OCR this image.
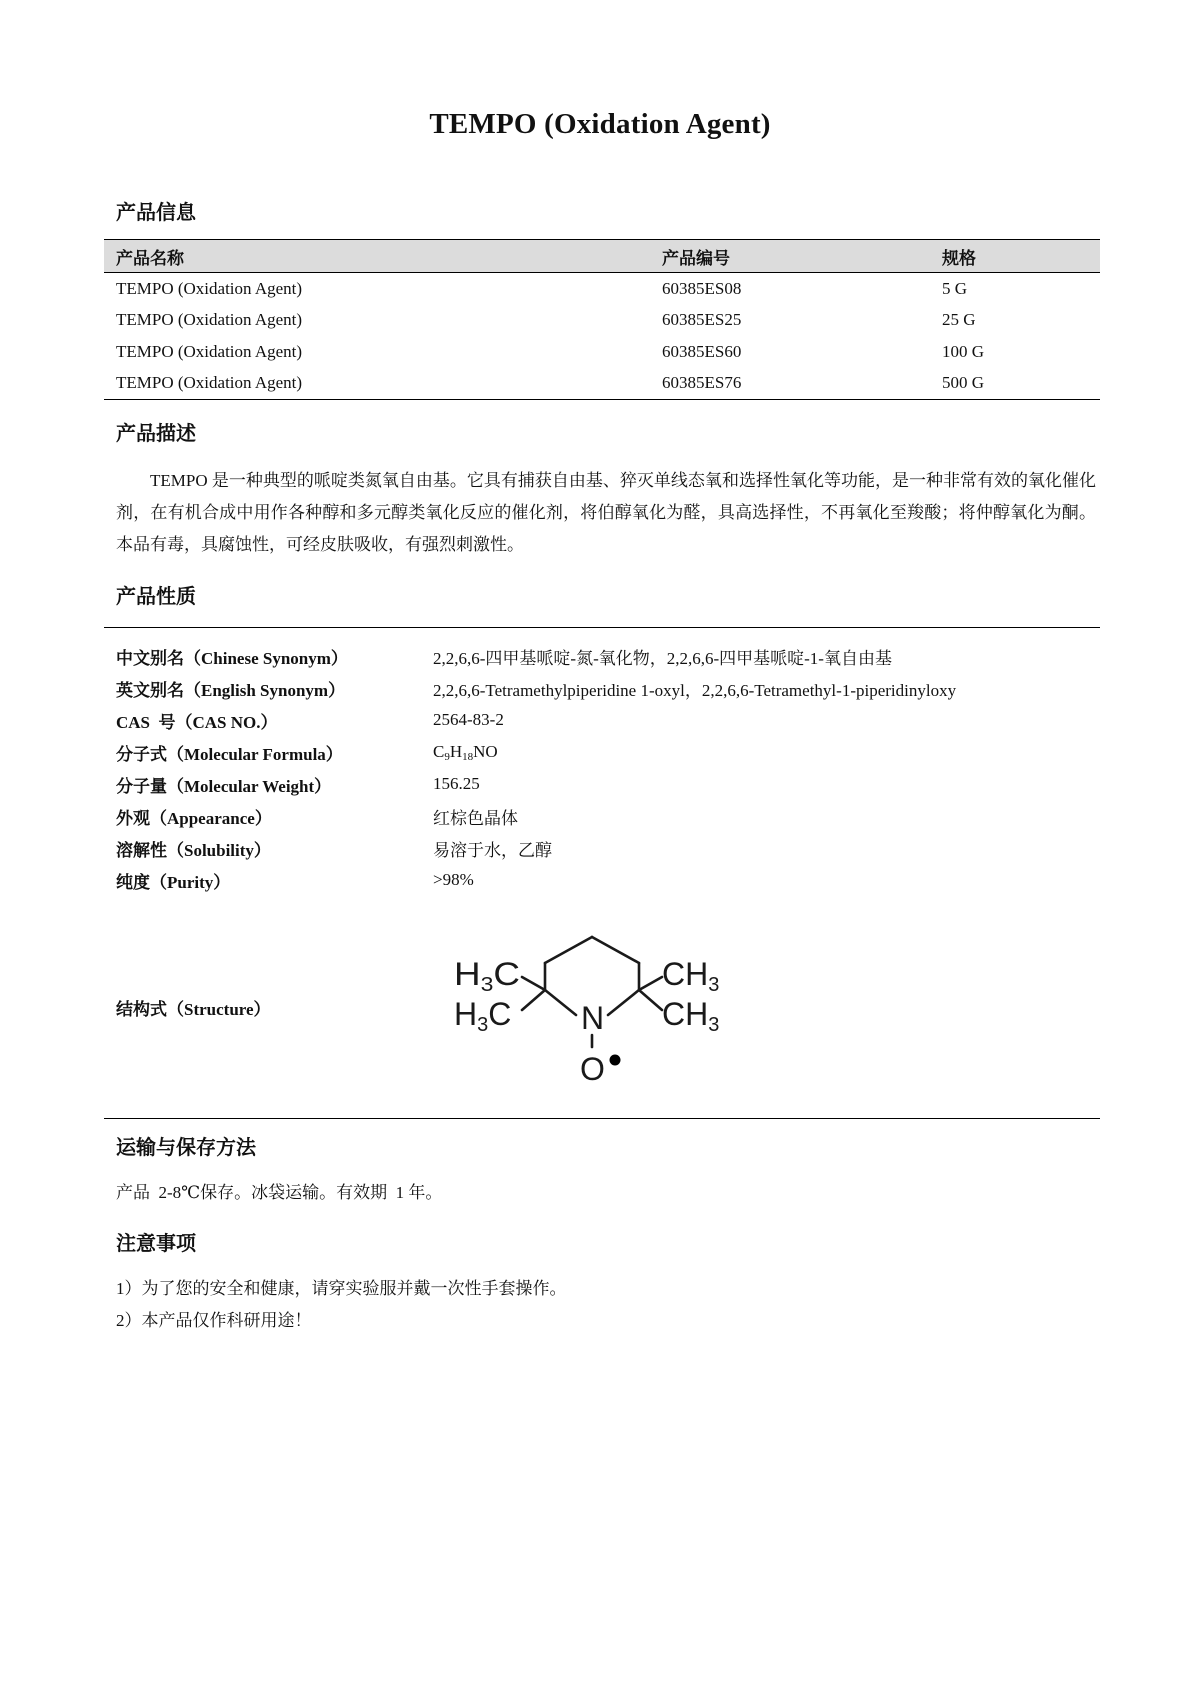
TEMPO (Oxidation Agent)
产品信息
产品名称	产品编号	规格
TEMPO (Oxidation Agent)	60385ES08	5 G
TEMPO (Oxidation Agent)	60385ES25	25 G
TEMPO (Oxidation Agent)	60385ES60	100 G
TEMPO (Oxidation Agent)	60385ES76	500 G
产品描述
TEMPO 是一种典型的哌啶类氮氧自由基。它具有捕获自由基、猝灭单线态氧和选择性氧化等功能，是一种非常有效的氧化催化剂，在有机合成中用作各种醇和多元醇类氧化反应的催化剂，将伯醇氧化为醛，具高选择性，不再氧化至羧酸；将仲醇氧化为酮。本品有毒，具腐蚀性，可经皮肤吸收，有强烈刺激性。
产品性质
中文别名（Chinese Synonym）	2,2,6,6-四甲基哌啶-氮-氧化物，2,2,6,6-四甲基哌啶-1-氧自由基
英文别名（English Synonym）	2,2,6,6-Tetramethylpiperidine 1-oxyl，2,2,6,6-Tetramethyl-1-piperidinyloxy
CAS  号（CAS NO.）	2564-83-2
分子式（Molecular Formula）	$C_9H_{18}NO$
分子量（Molecular Weight）	156.25
外观（Appearance）	红棕色晶体
溶解性（Solubility）	易溶于水，乙醇
纯度（Purity）	>98%
结构式（Structure）
H 3C
H3C
CH3
CH3
N
O
运输与保存方法
产品  2-8℃保存。冰袋运输。有效期  1 年。
注意事项
1）为了您的安全和健康，请穿实验服并戴一次性手套操作。
2）本产品仅作科研用途！
